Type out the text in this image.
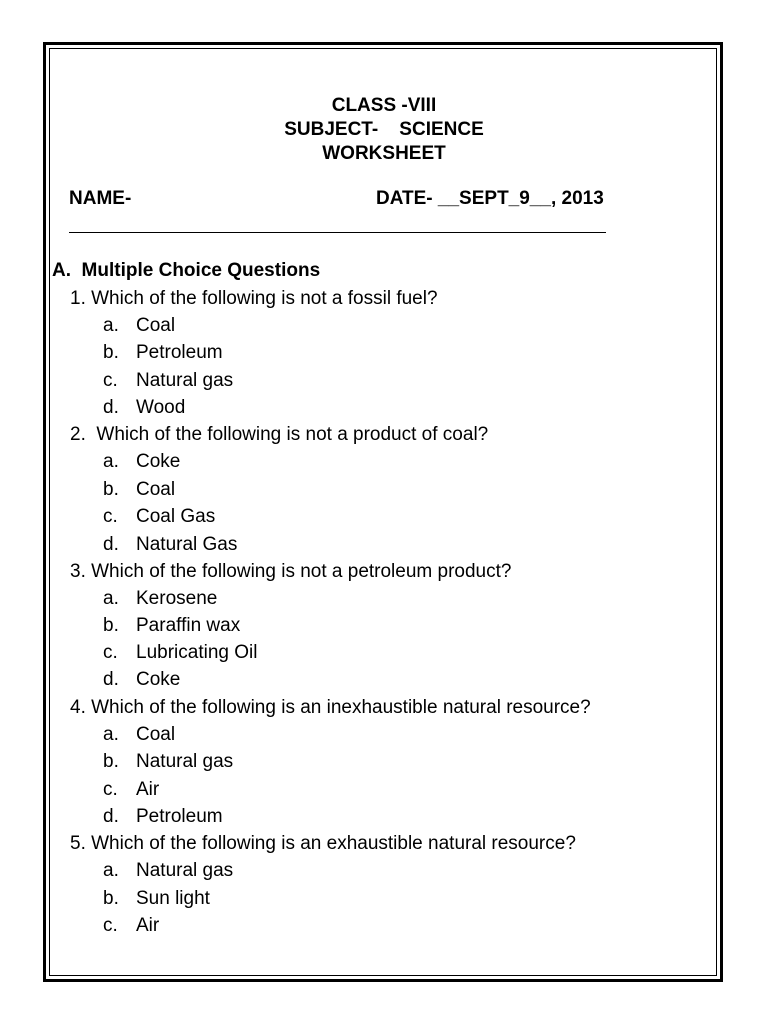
CLASS -VIII
SUBJECT-    SCIENCE
WORKSHEET
NAME-	DATE- __SEPT_9__, 2013
A.  Multiple Choice Questions
1. Which of the following is not a fossil fuel?
a. Coal
b. Petroleum
c. Natural gas
d. Wood
2.  Which of the following is not a product of coal?
a. Coke
b. Coal
c. Coal Gas
d. Natural Gas
3. Which of the following is not a petroleum product?
a. Kerosene
b. Paraffin wax
c. Lubricating Oil
d. Coke
4. Which of the following is an inexhaustible natural resource?
a. Coal
b. Natural gas
c. Air
d. Petroleum
5. Which of the following is an exhaustible natural resource?
a. Natural gas
b. Sun light
c. Air
